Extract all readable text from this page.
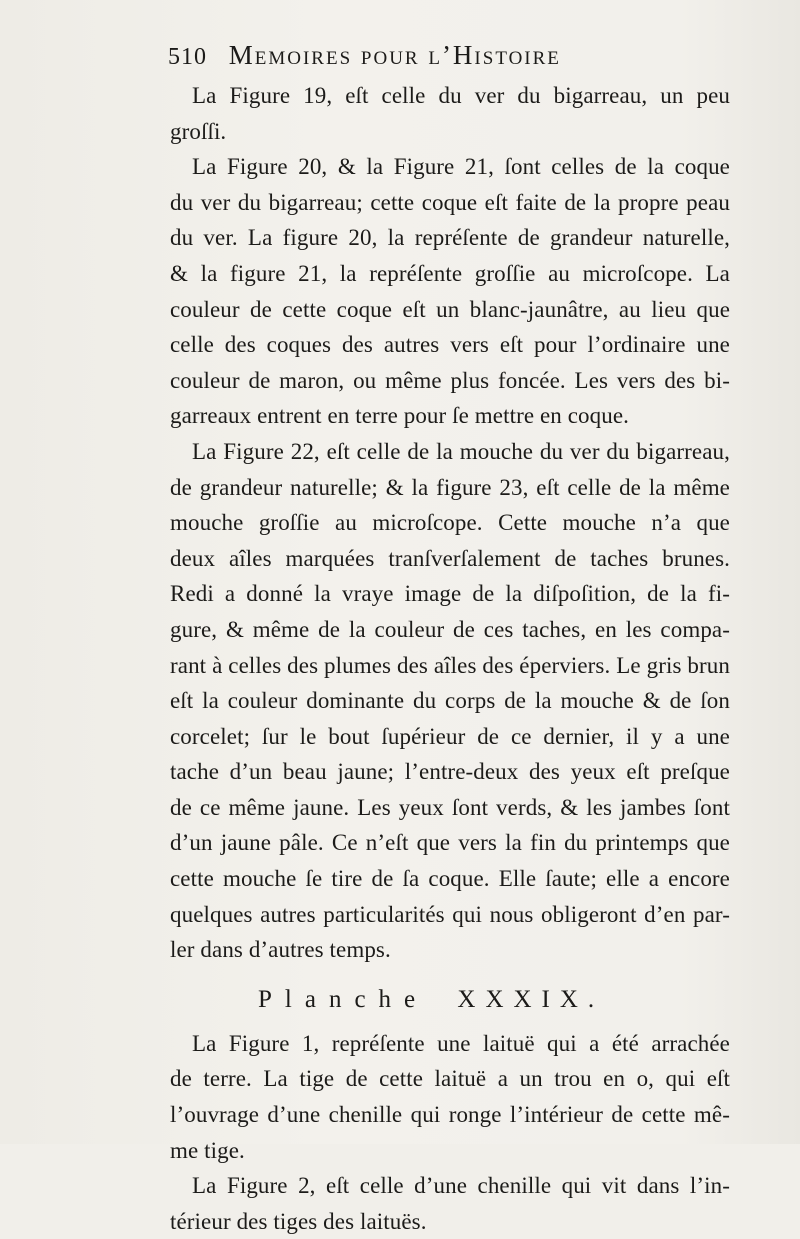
510 Memoires pour l’Histoire
La Figure 19, eſt celle du ver du bigarreau, un peu
groſſi.
La Figure 20, & la Figure 21, ſont celles de la coque
du ver du bigarreau; cette coque eſt faite de la propre peau
du ver. La figure 20, la repréſente de grandeur naturelle,
& la figure 21, la repréſente groſſie au microſcope. La
couleur de cette coque eſt un blanc-jaunâtre, au lieu que
celle des coques des autres vers eſt pour l’ordinaire une
couleur de maron, ou même plus foncée. Les vers des bi-
garreaux entrent en terre pour ſe mettre en coque.
La Figure 22, eſt celle de la mouche du ver du bigarreau,
de grandeur naturelle; & la figure 23, eſt celle de la même
mouche groſſie au microſcope. Cette mouche n’a que
deux aîles marquées tranſverſalement de taches brunes.
Redi a donné la vraye image de la diſpoſition, de la fi-
gure, & même de la couleur de ces taches, en les compa-
rant à celles des plumes des aîles des éperviers. Le gris brun
eſt la couleur dominante du corps de la mouche & de ſon
corcelet; ſur le bout ſupérieur de ce dernier, il y a une
tache d’un beau jaune; l’entre-deux des yeux eſt preſque
de ce même jaune. Les yeux ſont verds, & les jambes ſont
d’un jaune pâle. Ce n’eſt que vers la fin du printemps que
cette mouche ſe tire de ſa coque. Elle ſaute; elle a encore
quelques autres particularités qui nous obligeront d’en par-
ler dans d’autres temps.
Planche XXXIX.
La Figure 1, repréſente une laituë qui a été arrachée
de terre. La tige de cette laituë a un trou en o, qui eſt
l’ouvrage d’une chenille qui ronge l’intérieur de cette mê-
me tige.
La Figure 2, eſt celle d’une chenille qui vit dans l’in-
térieur des tiges des laituës.
